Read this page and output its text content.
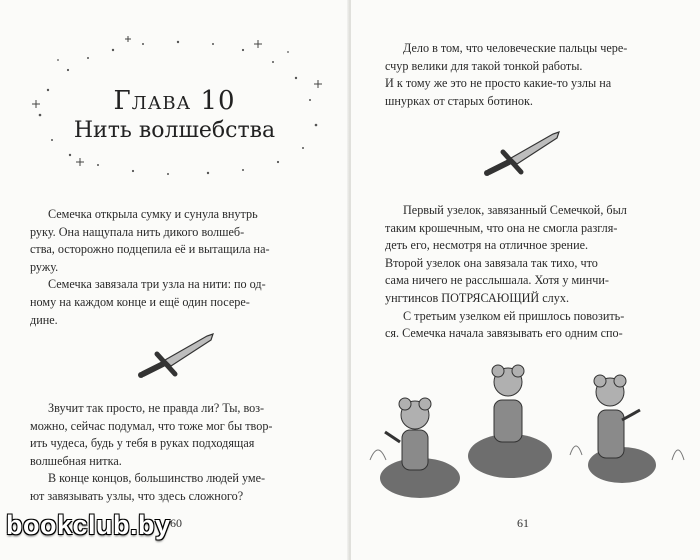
Глава 10
Нить волшебства
Семечка открыла сумку и сунула внутрь
руку. Она нащупала нить дикого волшеб-
ства, осторожно подцепила её и вытащила на-
ружу.
Семечка завязала три узла на нити: по од-
ному на каждом конце и ещё один посере-
дине.
Звучит так просто, не правда ли? Ты, воз-
можно, сейчас подумал, что тоже мог бы твор-
ить чудеса, будь у тебя в руках подходящая
волшебная нитка.
В конце концов, большинство людей уме-
ют завязывать узлы, что здесь сложного?
60
Дело в том, что человеческие пальцы чере-
счур велики для такой тонкой работы.
И к тому же это не просто какие-то узлы на
шнурках от старых ботинок.
Первый узелок, завязанный Семечкой, был
таким крошечным, что она не смогла разгля-
деть его, несмотря на отличное зрение.
Второй узелок она завязала так тихо, что
сама ничего не расслышала. Хотя у минчи-
унгтинсов ПОТРЯСАЮЩИЙ слух.
С третьим узелком ей пришлось повозить-
ся. Семечка начала завязывать его одним спо-
61
bookclub.by
